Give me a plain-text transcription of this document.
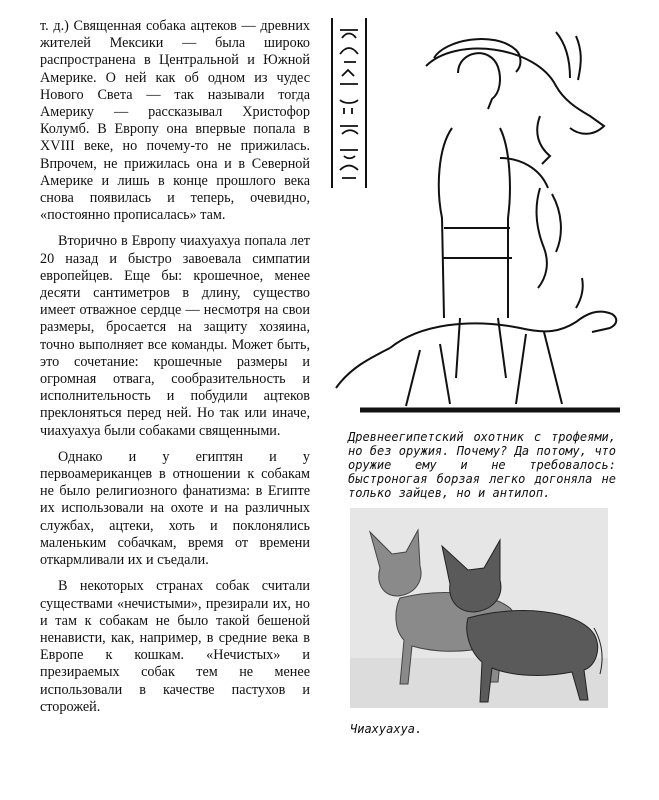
т. д.) Священная собака ацтеков — древних жителей Мексики — была широко распространена в Центральной и Южной Америке. О ней как об одном из чудес Нового Света — так называли тогда Америку — рассказывал Христофор Колумб. В Европу она впервые попала в XVIII веке, но почему-то не прижилась. Впрочем, не прижилась она и в Северной Америке и лишь в конце прошлого века снова появилась и теперь, очевидно, «постоянно прописалась» там.

Вторично в Европу чиахуахуа попала лет 20 назад и быстро завоевала симпатии европейцев. Еще бы: крошечное, менее десяти сантиметров в длину, существо имеет отважное сердце — несмотря на свои размеры, бросается на защиту хозяина, точно выполняет все команды. Может быть, это сочетание: крошечные размеры и огромная отвага, сообразительность и исполнительность и побудили ацтеков преклоняться перед ней. Но так или иначе, чиахуахуа были собаками священными.

Однако и у египтян и у первоамериканцев в отношении к собакам не было религиозного фанатизма: в Египте их использовали на охоте и на различных службах, ацтеки, хоть и поклонялись маленьким собачкам, время от времени откармливали их и съедали.

В некоторых странах собак считали существами «нечистыми», презирали их, но и там к собакам не было такой бешеной ненависти, как, например, в средние века в Европе к кошкам. «Нечистых» и презираемых собак тем не менее использовали в качестве пастухов и сторожей.

Древнеегипетский охотник с трофеями, но без оружия. Почему? Да потому, что оружие ему и не требовалось: быстроногая борзая легко догоняла не только зайцев, но и антилоп.
Чиахуахуа.
